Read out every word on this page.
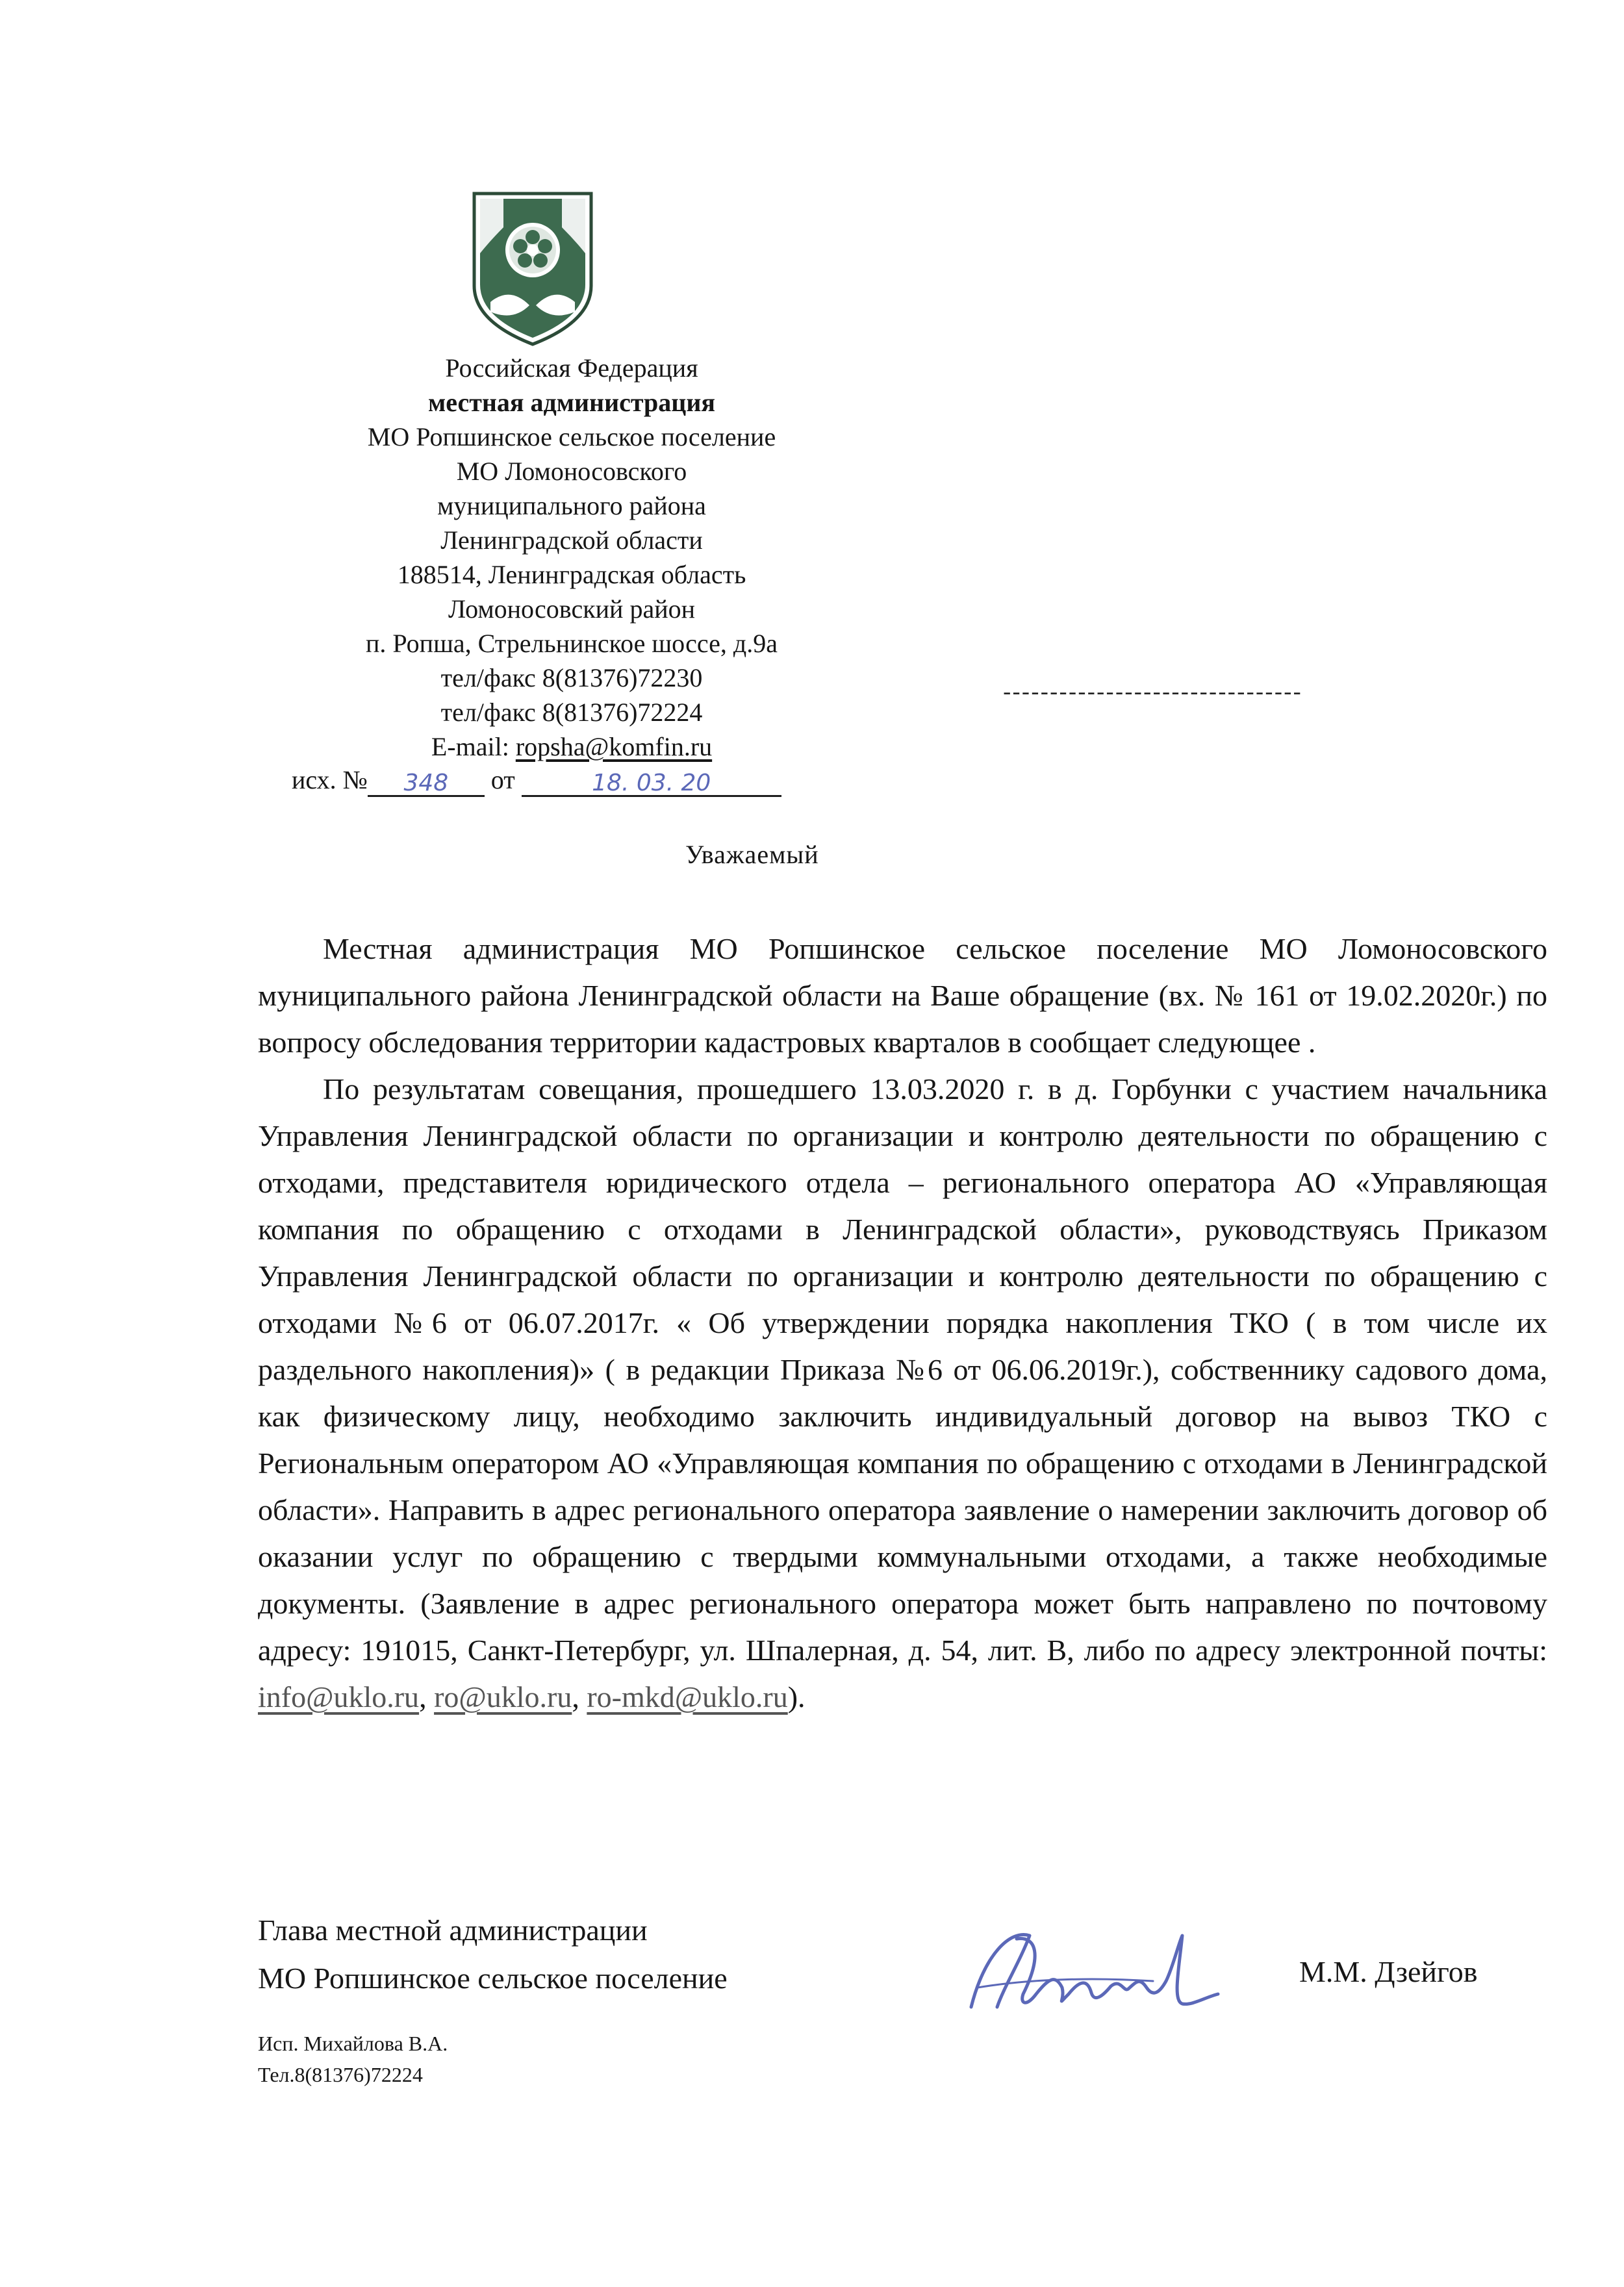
Российская Федерация
местная администрация
МО Ропшинское сельское поселение
МО Ломоносовского
муниципального района
Ленинградской области
188514, Ленинградская область
Ломоносовский район
п. Ропша, Стрельнинское шоссе, д.9а
тел/факс 8(81376)72230
тел/факс 8(81376)72224
E-mail: ropsha@komfin.ru
исх. № 348 от	18. 03. 20
--------------------------------
Уважаемый

Местная администрация МО Ропшинское сельское поселение МО Ломоносовского муниципального района Ленинградской области на Ваше обращение (вх. № 161 от 19.02.2020г.) по вопросу обследования территории кадастровых кварталов в сообщает следующее .

По результатам совещания, прошедшего 13.03.2020 г. в д. Горбунки с участием начальника Управления Ленинградской области по организации и контролю деятельности по обращению с отходами, представителя юридического отдела – регионального оператора АО «Управляющая компания по обращению с отходами в Ленинградской области», руководствуясь Приказом Управления Ленинградской области по организации и контролю деятельности по обращению с отходами №6 от 06.07.2017г. « Об утверждении порядка накопления ТКО ( в том числе их раздельного накопления)» ( в редакции Приказа №6 от 06.06.2019г.), собственнику садового дома, как физическому лицу, необходимо заключить индивидуальный договор на вывоз ТКО с Региональным оператором АО «Управляющая компания по обращению с отходами в Ленинградской области». Направить в адрес регионального оператора заявление о намерении заключить договор об оказании услуг по обращению с твердыми коммунальными отходами, а также необходимые документы. (Заявление в адрес регионального оператора может быть направлено по почтовому адресу: 191015, Санкт-Петербург, ул. Шпалерная, д. 54, лит. В, либо по адресу электронной почты: info@uklo.ru, ro@uklo.ru, ro-mkd@uklo.ru).

Глава местной администрации
МО Ропшинское сельское поселение	М.М. Дзейгов
Исп. Михайлова В.А.
Тел.8(81376)72224
